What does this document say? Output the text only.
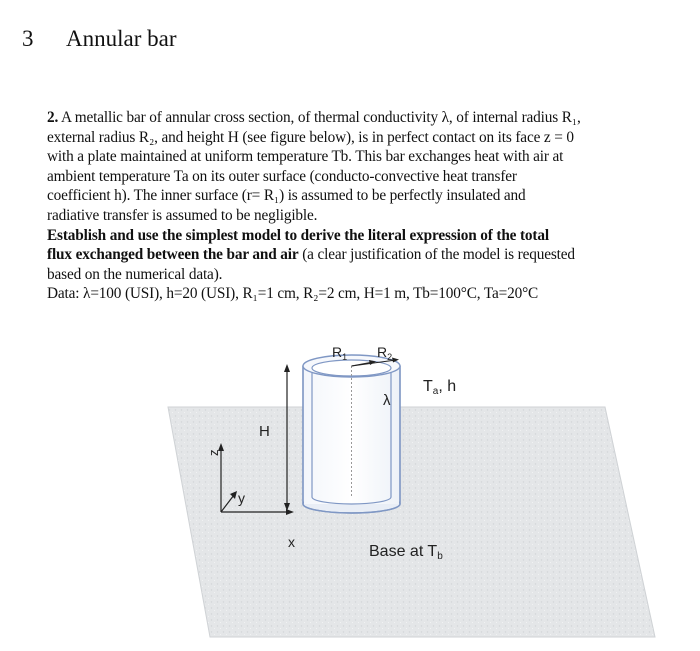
3 Annular bar
2. A metallic bar of annular cross section, of thermal conductivity λ, of internal radius R₁,
external radius R₂, and height H (see figure below), is in perfect contact on its face z = 0
with a plate maintained at uniform temperature Tb. This bar exchanges heat with air at
ambient temperature Ta on its outer surface (conducto-convective heat transfer
coefficient h). The inner surface (r= R₁) is assumed to be perfectly insulated and
radiative transfer is assumed to be negligible.
Establish and use the simplest model to derive the literal expression of the total
flux exchanged between the bar and air (a clear justification of the model is requested
based on the numerical data).
Data: λ=100 (USI), h=20 (USI), R₁=1 cm, R₂=2 cm, H=1 m, Tb=100°C, Ta=20°C
$R_1$ $R_2$
λ
Ta, h
H
z
y
x
Base at Tb
